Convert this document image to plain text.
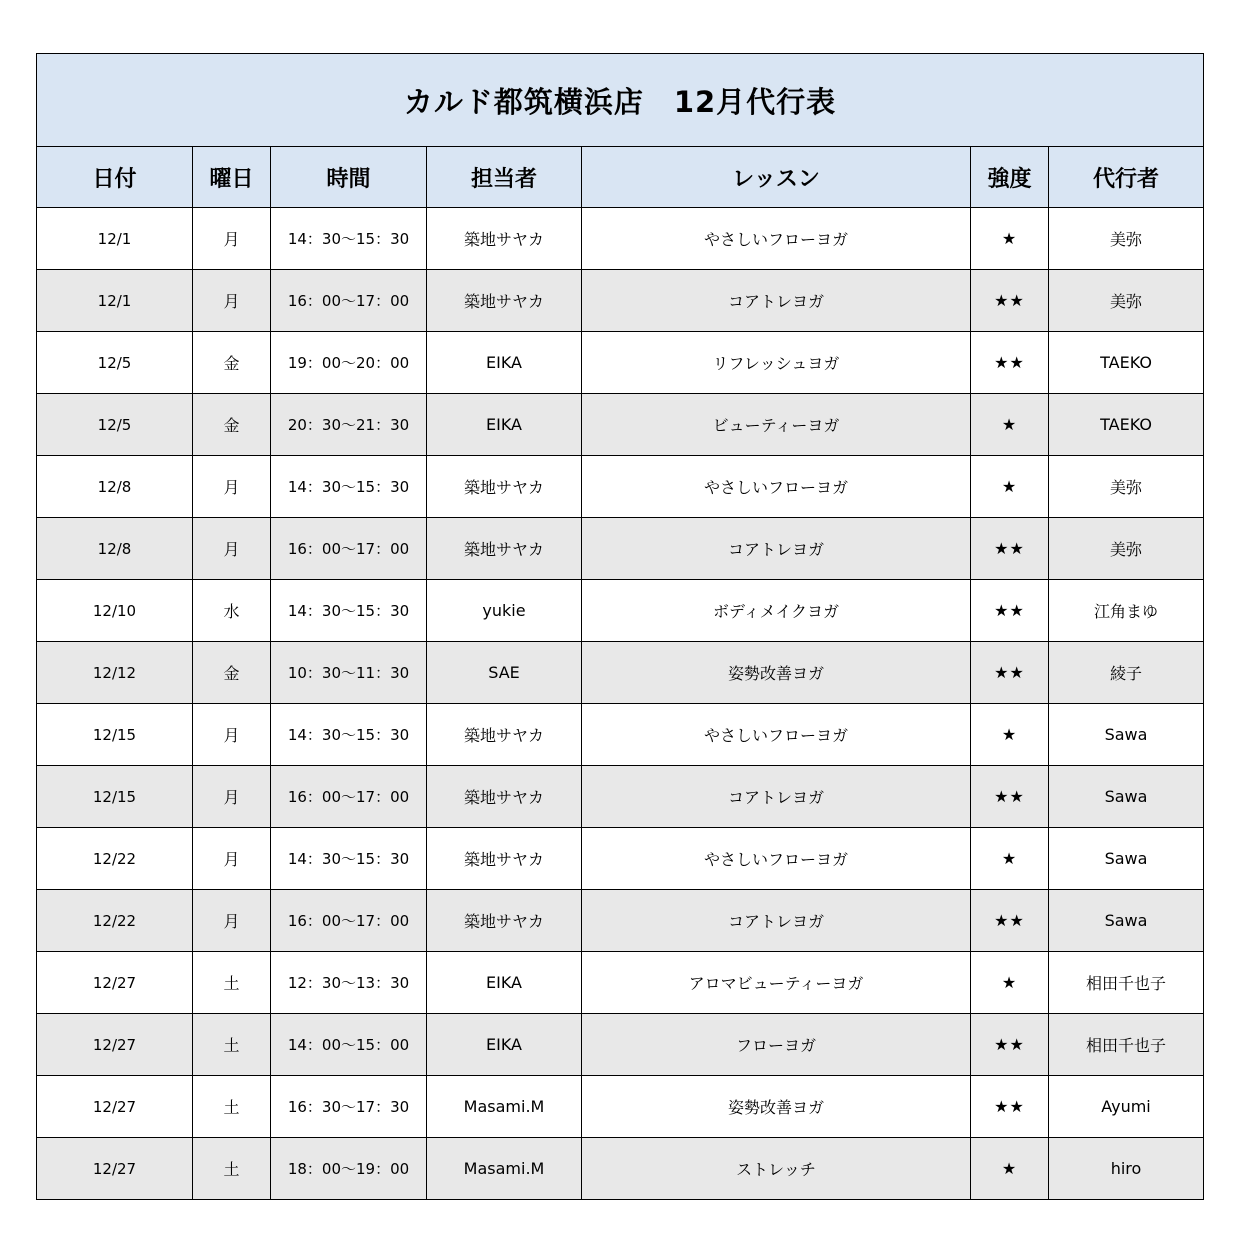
カルド都筑横浜店　12月代行表						
日付	曜日	時間	担当者	レッスン	強度	代行者
12/1	月	14：30～15：30	築地サヤカ	やさしいフローヨガ	★	美弥
12/1	月	16：00～17：00	築地サヤカ	コアトレヨガ	★★	美弥
12/5	金	19：00～20：00	EIKA	リフレッシュヨガ	★★	TAEKO
12/5	金	20：30～21：30	EIKA	ビューティーヨガ	★	TAEKO
12/8	月	14：30～15：30	築地サヤカ	やさしいフローヨガ	★	美弥
12/8	月	16：00～17：00	築地サヤカ	コアトレヨガ	★★	美弥
12/10	水	14：30～15：30	yukie	ボディメイクヨガ	★★	江角まゆ
12/12	金	10：30～11：30	SAE	姿勢改善ヨガ	★★	綾子
12/15	月	14：30～15：30	築地サヤカ	やさしいフローヨガ	★	Sawa
12/15	月	16：00～17：00	築地サヤカ	コアトレヨガ	★★	Sawa
12/22	月	14：30～15：30	築地サヤカ	やさしいフローヨガ	★	Sawa
12/22	月	16：00～17：00	築地サヤカ	コアトレヨガ	★★	Sawa
12/27	土	12：30～13：30	EIKA	アロマビューティーヨガ	★	相田千也子
12/27	土	14：00～15：00	EIKA	フローヨガ	★★	相田千也子
12/27	土	16：30～17：30	Masami.M	姿勢改善ヨガ	★★	Ayumi
12/27	土	18：00～19：00	Masami.M	ストレッチ	★	hiro
